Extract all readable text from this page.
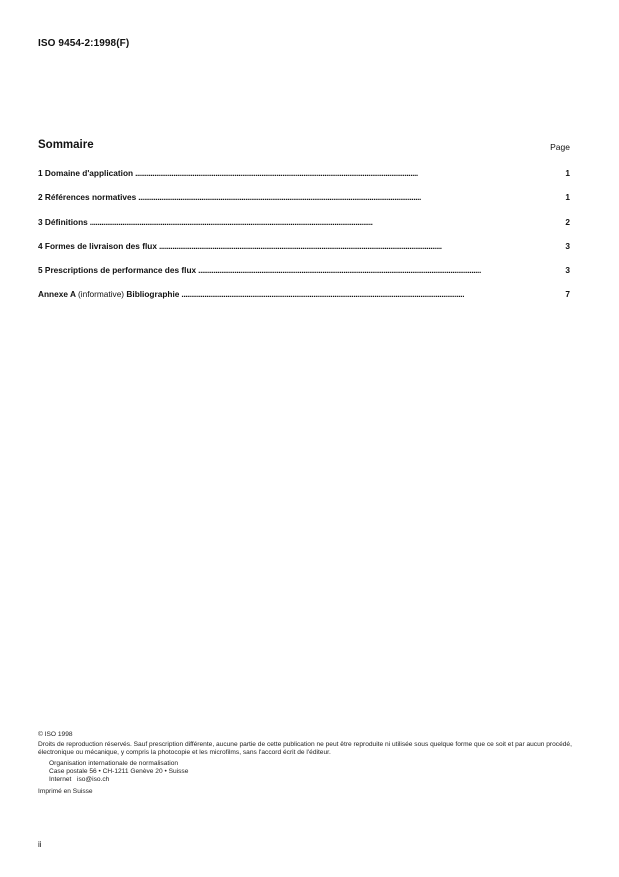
ISO 9454-2:1998(F)
Sommaire	Page
1 Domaine d'application . . .	1
2 Références normatives . . .	1
3 Définitions . . .	2
4 Formes de livraison des flux . . .	3
5 Prescriptions de performance des flux . . .	3
Annexe A (informative) Bibliographie . . .	7
© ISO 1998
Droits de reproduction réservés. Sauf prescription différente, aucune partie de cette publication ne peut être reproduite ni utilisée sous quelque forme que ce soit et par aucun procédé, électronique ou mécanique, y compris la photocopie et les microfilms, sans l'accord écrit de l'éditeur.
Organisation internationale de normalisation
Case postale 56 • CH-1211 Genève 20 • Suisse
Internet iso@iso.ch
Imprimé en Suisse
ii
